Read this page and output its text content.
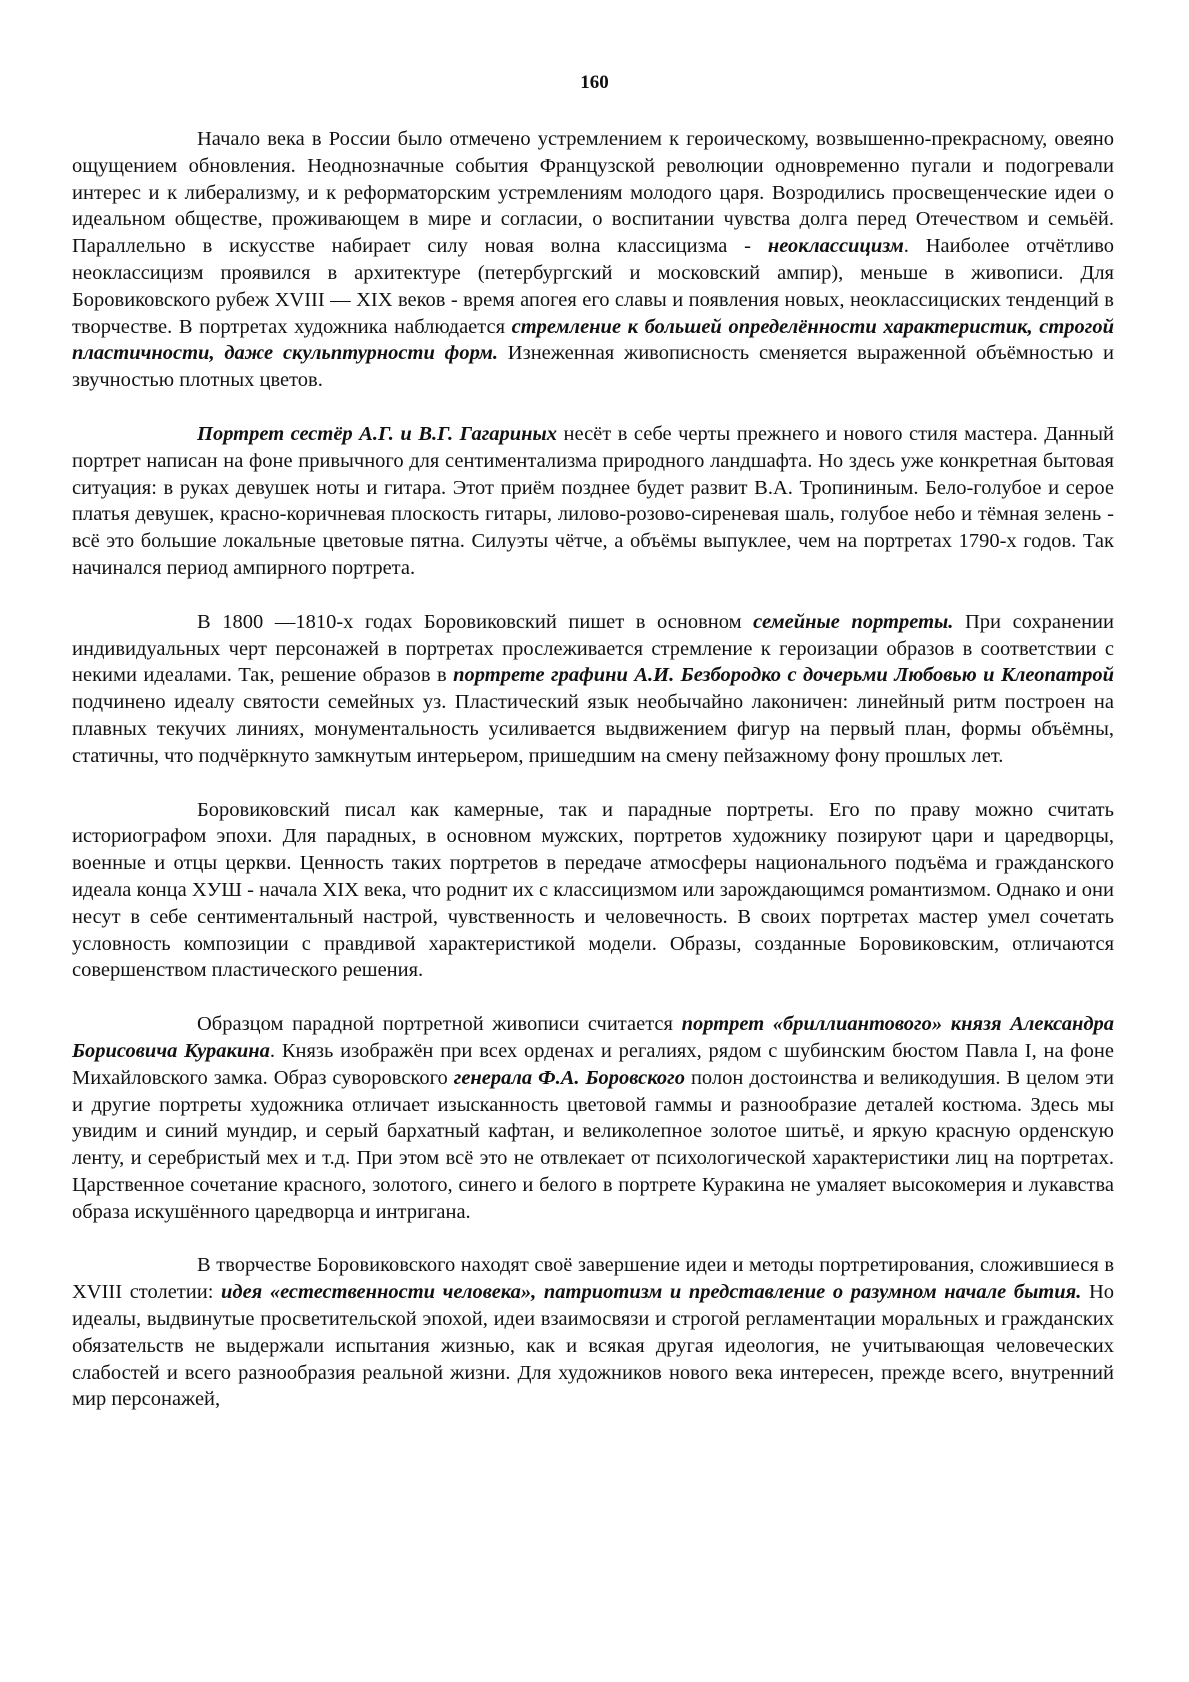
160

Начало века в России было отмечено устремлением к героическому, возвышенно-прекрасному, овеяно ощущением обновления. Неоднозначные события Французской революции одновременно пугали и подогревали интерес и к либерализму, и к реформаторским устремлениям молодого царя. Возродились просвещенческие идеи о идеальном обществе, проживающем в мире и согласии, о воспитании чувства долга перед Отечеством и семьёй. Параллельно в искусстве набирает силу новая волна классицизма - неоклассицизм. Наиболее отчётливо неоклассицизм проявился в архитектуре (петербургский и московский ампир), меньше в живописи. Для Боровиковского рубеж XVIII — XIX веков - время апогея его славы и появления новых, неоклассициских тенденций в творчестве. В портретах художника наблюдается стремление к большей определённости характеристик, строгой пластичности, даже скульптурности форм. Изнеженная живописность сменяется выраженной объёмностью и звучностью плотных цветов.

Портрет сестёр А.Г. и В.Г. Гагариных несёт в себе черты прежнего и нового стиля мастера. Данный портрет написан на фоне привычного для сентиментализма природного ландшафта. Но здесь уже конкретная бытовая ситуация: в руках девушек ноты и гитара. Этот приём позднее будет развит В.А. Тропининым. Бело-голубое и серое платья девушек, красно-коричневая плоскость гитары, лилово-розово-сиреневая шаль, голубое небо и тёмная зелень - всё это большие локальные цветовые пятна. Силуэты чётче, а объёмы выпуклее, чем на портретах 1790-х годов. Так начинался период ампирного портрета.

В 1800 —1810-х годах Боровиковский пишет в основном семейные портреты. При сохранении индивидуальных черт персонажей в портретах прослеживается стремление к героизации образов в соответствии с некими идеалами. Так, решение образов в портрете графини А.И. Безбородко с дочерьми Любовью и Клеопатрой подчинено идеалу святости семейных уз. Пластический язык необычайно лаконичен: линейный ритм построен на плавных текучих линиях, монументальность усиливается выдвижением фигур на первый план, формы объёмны, статичны, что подчёркнуто замкнутым интерьером, пришедшим на смену пейзажному фону прошлых лет.

Боровиковский писал как камерные, так и парадные портреты. Его по праву можно считать историографом эпохи. Для парадных, в основном мужских, портретов художнику позируют цари и царедворцы, военные и отцы церкви. Ценность таких портретов в передаче атмосферы национального подъёма и гражданского идеала конца ХУШ - начала XIX века, что роднит их с классицизмом или зарождающимся романтизмом. Однако и они несут в себе сентиментальный настрой, чувственность и человечность. В своих портретах мастер умел сочетать условность композиции с правдивой характеристикой модели. Образы, созданные Боровиковским, отличаются совершенством пластического решения.

Образцом парадной портретной живописи считается портрет «бриллиантового» князя Александра Борисовича Куракина. Князь изображён при всех орденах и регалиях, рядом с шубинским бюстом Павла I, на фоне Михайловского замка. Образ суворовского генерала Ф.А. Боровского полон достоинства и великодушия. В целом эти и другие портреты художника отличает изысканность цветовой гаммы и разнообразие деталей костюма. Здесь мы увидим и синий мундир, и серый бархатный кафтан, и великолепное золотое шитьё, и яркую красную орденскую ленту, и серебристый мех и т.д. При этом всё это не отвлекает от психологической характеристики лиц на портретах. Царственное сочетание красного, золотого, синего и белого в портрете Куракина не умаляет высокомерия и лукавства образа искушённого царедворца и интригана.

В творчестве Боровиковского находят своё завершение идеи и методы портретирования, сложившиеся в XVIII столетии: идея «естественности человека», патриотизм и представление о разумном начале бытия. Но идеалы, выдвинутые просветительской эпохой, идеи взаимосвязи и строгой регламентации моральных и гражданских обязательств не выдержали испытания жизнью, как и всякая другая идеология, не учитывающая человеческих слабостей и всего разнообразия реальной жизни. Для художников нового века интересен, прежде всего, внутренний мир персонажей,
